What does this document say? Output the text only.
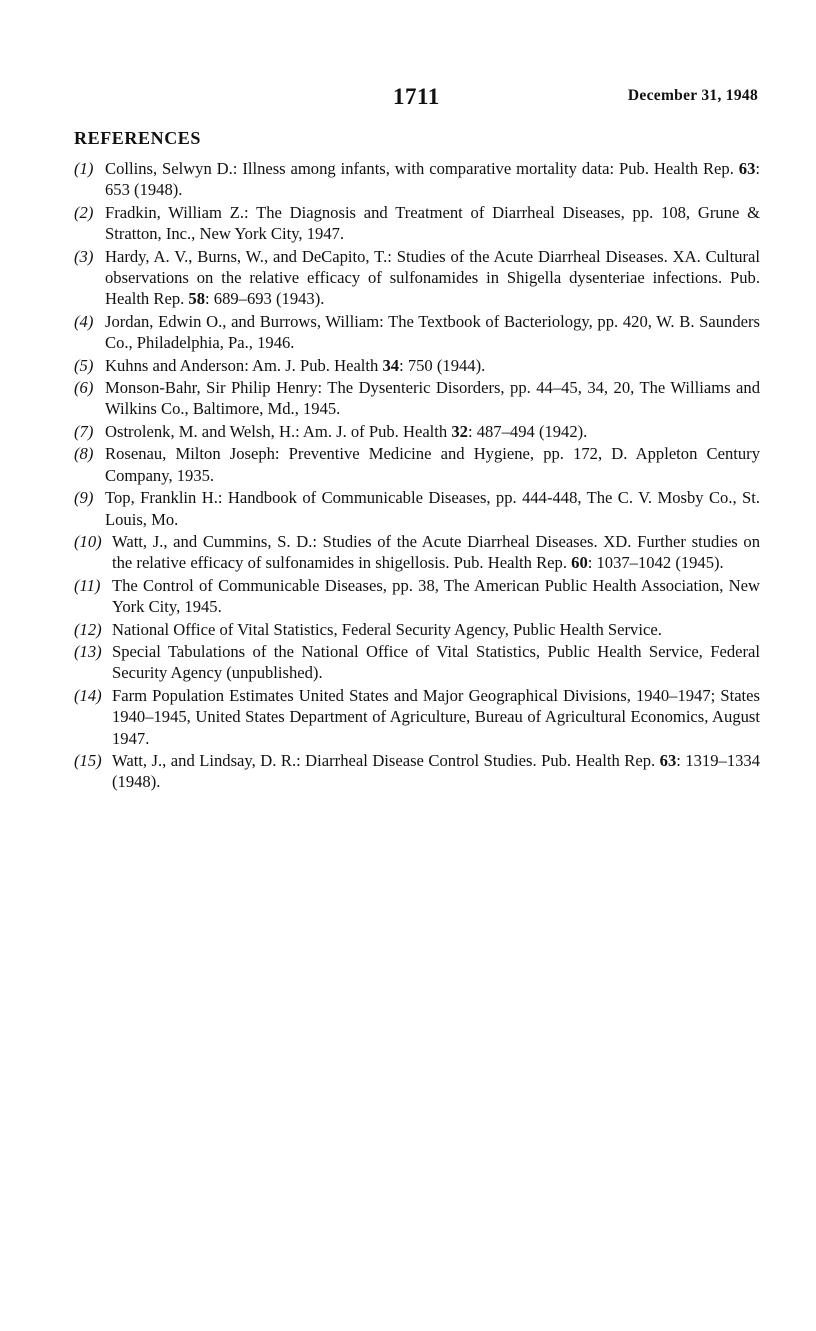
1711	December 31, 1948
REFERENCES
(1) Collins, Selwyn D.: Illness among infants, with comparative mortality data: Pub. Health Rep. 63: 653 (1948).
(2) Fradkin, William Z.: The Diagnosis and Treatment of Diarrheal Diseases, pp. 108, Grune & Stratton, Inc., New York City, 1947.
(3) Hardy, A. V., Burns, W., and DeCapito, T.: Studies of the Acute Diarrheal Diseases. XA. Cultural observations on the relative efficacy of sulfonamides in Shigella dysenteriae infections. Pub. Health Rep. 58: 689–693 (1943).
(4) Jordan, Edwin O., and Burrows, William: The Textbook of Bacteriology, pp. 420, W. B. Saunders Co., Philadelphia, Pa., 1946.
(5) Kuhns and Anderson: Am. J. Pub. Health 34: 750 (1944).
(6) Monson-Bahr, Sir Philip Henry: The Dysenteric Disorders, pp. 44–45, 34, 20, The Williams and Wilkins Co., Baltimore, Md., 1945.
(7) Ostrolenk, M. and Welsh, H.: Am. J. of Pub. Health 32: 487–494 (1942).
(8) Rosenau, Milton Joseph: Preventive Medicine and Hygiene, pp. 172, D. Appleton Century Company, 1935.
(9) Top, Franklin H.: Handbook of Communicable Diseases, pp. 444-448, The C. V. Mosby Co., St. Louis, Mo.
(10) Watt, J., and Cummins, S. D.: Studies of the Acute Diarrheal Diseases. XD. Further studies on the relative efficacy of sulfonamides in shigellosis. Pub. Health Rep. 60: 1037–1042 (1945).
(11) The Control of Communicable Diseases, pp. 38, The American Public Health Association, New York City, 1945.
(12) National Office of Vital Statistics, Federal Security Agency, Public Health Service.
(13) Special Tabulations of the National Office of Vital Statistics, Public Health Service, Federal Security Agency (unpublished).
(14) Farm Population Estimates United States and Major Geographical Divisions, 1940–1947; States 1940–1945, United States Department of Agriculture, Bureau of Agricultural Economics, August 1947.
(15) Watt, J., and Lindsay, D. R.: Diarrheal Disease Control Studies. Pub. Health Rep. 63: 1319–1334 (1948).
